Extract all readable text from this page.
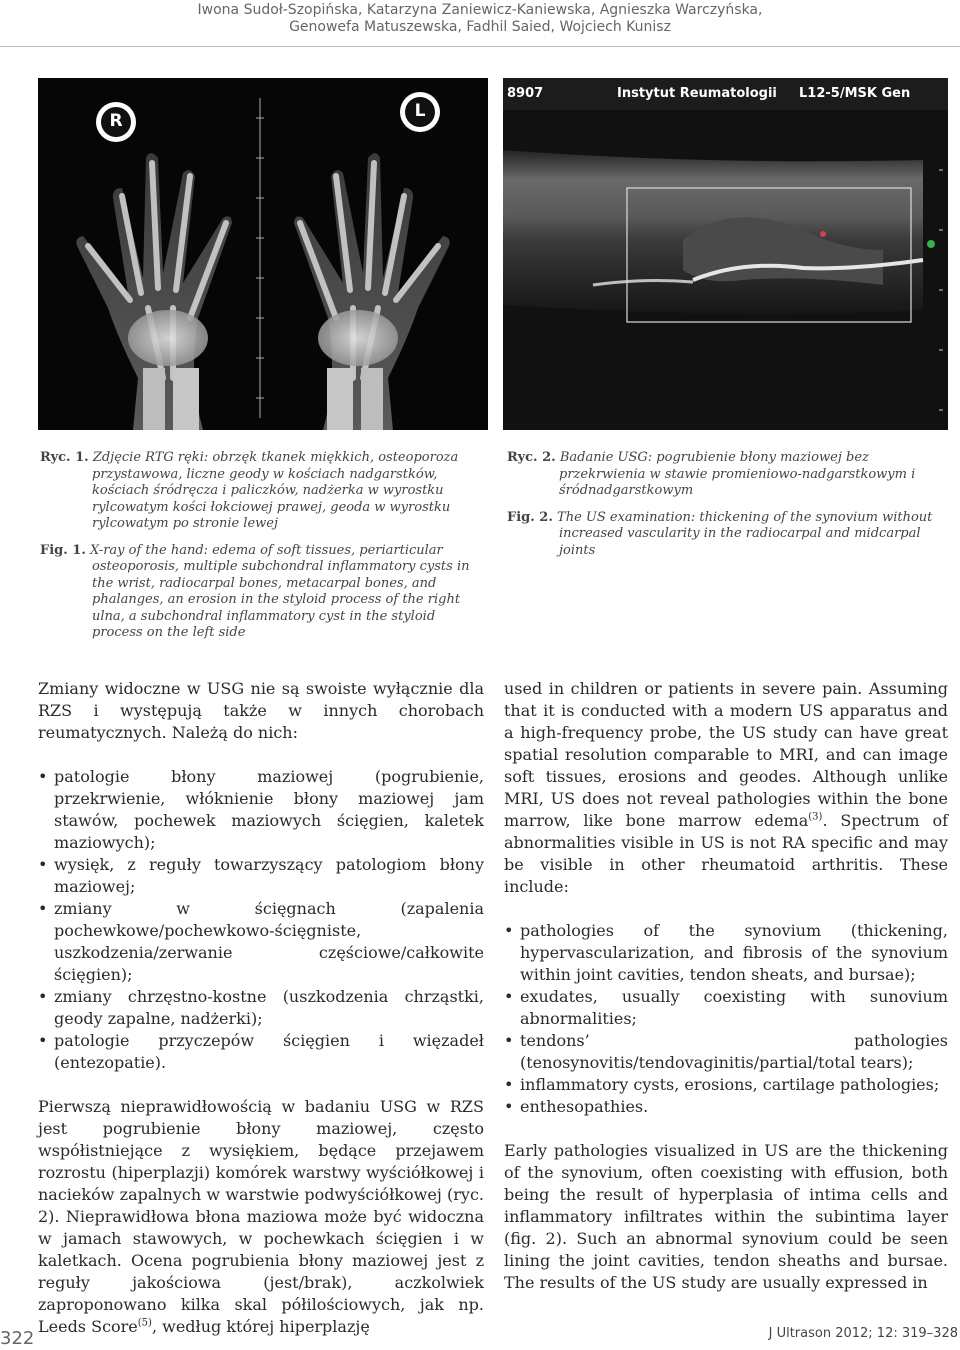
Iwona Sudoł-Szopińska, Katarzyna Zaniewicz-Kaniewska, Agnieszka Warczyńska,
Genowefa Matuszewska, Fadhil Saied, Wojciech Kunisz
R	L
8907	Instytut Reumatologii L12-5/MSK Gen

Ryc. 1. Zdjęcie RTG ręki: obrzęk tkanek miękkich, osteoporoza przystawowa, liczne geody w kościach nadgarstków, kościach śródręcza i paliczków, nadżerka w wyrostku rylcowatym kości łokciowej prawej, geoda w wyrostku rylcowatym po stronie lewej

Fig. 1. X-ray of the hand: edema of soft tissues, periarticular osteoporosis, multiple subchondral inflammatory cysts in the wrist, radiocarpal bones, metacarpal bones, and phalanges, an erosion in the styloid process of the right ulna, a subchondral inflammatory cyst in the styloid process on the left side

Ryc. 2. Badanie USG: pogrubienie błony maziowej bez przekrwienia w stawie promieniowo-nadgarstkowym i śródnadgarstkowym

Fig. 2. The US examination: thickening of the synovium without increased vascularity in the radiocarpal and midcarpal joints

Zmiany widoczne w USG nie są swoiste wyłącznie dla RZS i występują także w innych chorobach reumatycznych. Należą do nich:

• patologie błony maziowej (pogrubienie, przekrwienie, włóknienie błony maziowej jam stawów, pochewek maziowych ścięgien, kaletek maziowych);
• wysięk, z reguły towarzyszący patologiom błony maziowej;
• zmiany w ścięgnach (zapalenia pochewkowe/pochewkowo-ścięgniste, uszkodzenia/zerwanie częściowe/całkowite ścięgien);
• zmiany chrzęstno-kostne (uszkodzenia chrząstki, geody zapalne, nadżerki);
• patologie przyczepów ścięgien i więzadeł (entezopatie).

Pierwszą nieprawidłowością w badaniu USG w RZS jest pogrubienie błony maziowej, często współistniejące z wysiękiem, będące przejawem rozrostu (hiperplazji) komórek warstwy wyściółkowej i nacieków zapalnych w warstwie podwyściółkowej (ryc. 2). Nieprawidłowa błona maziowa może być widoczna w jamach stawowych, w pochewkach ścięgien i w kaletkach. Ocena pogrubienia błony maziowej jest z reguły jakościowa (jest/brak), aczkolwiek zaproponowano kilka skal półilościowych, jak np. Leeds Score$^{(5)}$, według której hiperplazję

used in children or patients in severe pain. Assuming that it is conducted with a modern US apparatus and a high-frequency probe, the US study can have great spatial resolution comparable to MRI, and can image soft tissues, erosions and geodes. Although unlike MRI, US does not reveal pathologies within the bone marrow, like bone marrow edema$^{(3)}$. Spectrum of abnormalities visible in US is not RA specific and may be visible in other rheumatoid arthritis. These include:

• pathologies of the synovium (thickening, hypervascularization, and fibrosis of the synovium within joint cavities, tendon sheats, and bursae);
• exudates, usually coexisting with sunovium abnormalities;
• tendons’ pathologies (tenosynovitis/tendovaginitis/partial/total tears);
• inflammatory cysts, erosions, cartilage pathologies;
• enthesopathies.

Early pathologies visualized in US are the thickening of the synovium, often coexisting with effusion, both being the result of hyperplasia of intima cells and inflammatory infiltrates within the subintima layer (fig. 2). Such an abnormal synovium could be seen lining the joint cavities, tendon sheaths and bursae. The results of the US study are usually expressed in

322	J Ultrason 2012; 12: 319–328
